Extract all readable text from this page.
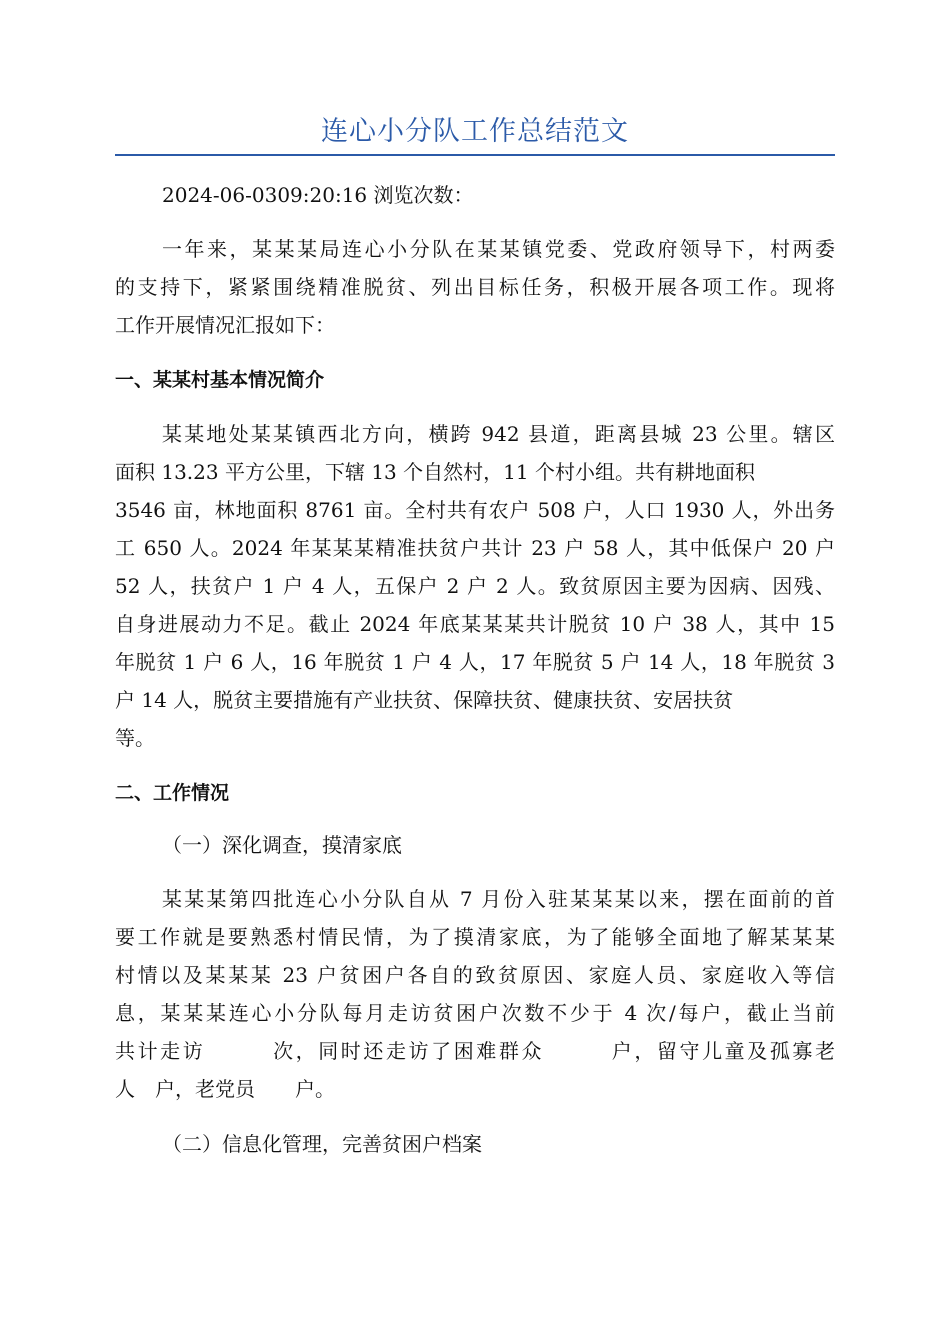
连心小分队工作总结范文
2024-06-0309:20:16 浏览次数：
一年来，某某某局连心小分队在某某镇党委、党政府领导下，村两委
的支持下，紧紧围绕精准脱贫、列出目标任务，积极开展各项工作。现将
工作开展情况汇报如下：
一、某某村基本情况简介
某某地处某某镇西北方向，横跨 942 县道，距离县城 23 公里。辖区
面积 13.23 平方公里，下辖 13 个自然村，11 个村小组。共有耕地面积
3546 亩，林地面积 8761 亩。全村共有农户 508 户，人口 1930 人，外出务
工 650 人。2024 年某某某精准扶贫户共计 23 户 58 人，其中低保户 20 户
52 人，扶贫户 1 户 4 人，五保户 2 户 2 人。致贫原因主要为因病、因残、
自身进展动力不足。截止 2024 年底某某某共计脱贫 10 户 38 人，其中 15
年脱贫 1 户 6 人，16 年脱贫 1 户 4 人，17 年脱贫 5 户 14 人，18 年脱贫 3
户 14 人，脱贫主要措施有产业扶贫、保障扶贫、健康扶贫、安居扶贫
等。
二、工作情况
（一）深化调查，摸清家底
某某某第四批连心小分队自从 7 月份入驻某某某以来，摆在面前的首
要工作就是要熟悉村情民情，为了摸清家底，为了能够全面地了解某某某
村情以及某某某 23 户贫困户各自的致贫原因、家庭人员、家庭收入等信
息，某某某连心小分队每月走访贫困户次数不少于 4 次/每户，截止当前
共计走访　　　次，同时还走访了困难群众　　　户，留守儿童及孤寡老
人　户，老党员　　户。
（二）信息化管理，完善贫困户档案
